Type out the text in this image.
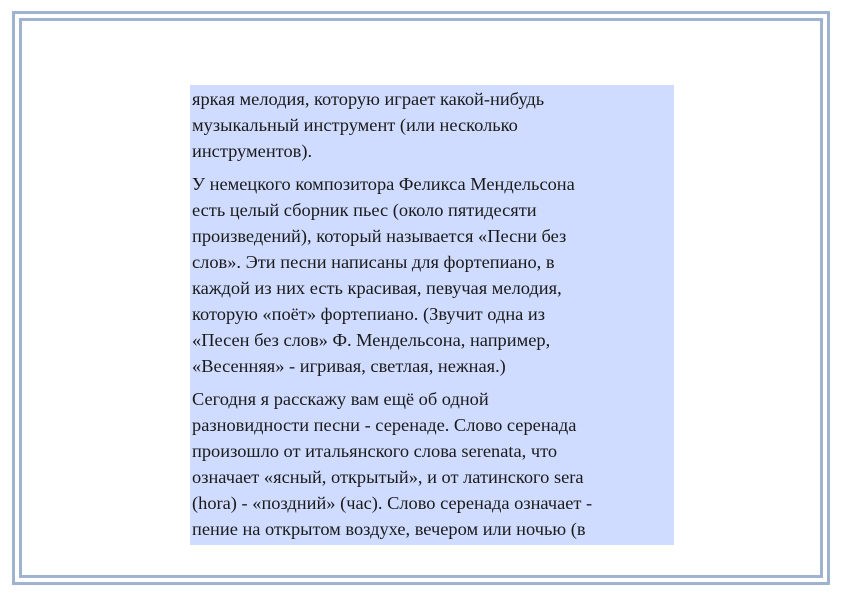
яркая мелодия, которую играет какой-нибудь
музыкальный инструмент (или несколько
инструментов).

У немецкого композитора Феликса Мендельсона
есть целый сборник пьес (около пятидесяти
произведений), который называется «Песни без
слов». Эти песни написаны для фортепиано, в
каждой из них есть красивая, певучая мелодия,
которую «поёт» фортепиано. (Звучит одна из
«Песен без слов» Ф. Мендельсона, например,
«Весенняя» - игривая, светлая, нежная.)

Сегодня я расскажу вам ещё об одной
разновидности песни - серенаде. Слово серенада
произошло от итальянского слова serenata, что
означает «ясный, открытый», и от латинского sera
(hora) - «поздний» (час). Слово серенада означает -
пение на открытом воздухе, вечером или ночью (в
